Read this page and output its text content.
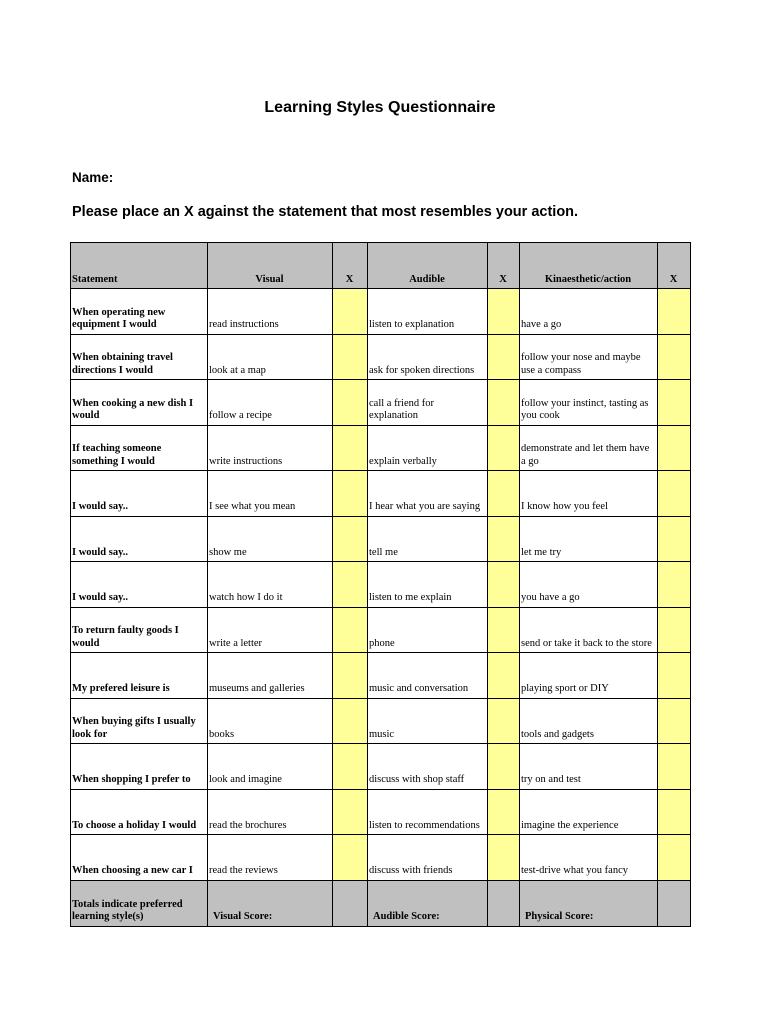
Learning Styles Questionnaire
Name:
Please place an X against the statement that most resembles your action.
Statement	Visual	X	Audible	X	Kinaesthetic/action	X
When operating new equipment I would	read instructions		listen to explanation		have a go	
When obtaining travel directions I would	look at a map		ask for spoken directions		follow your nose and maybe use a compass	
When cooking a new dish I would	follow a recipe		call a friend for explanation		follow your instinct, tasting as you cook	
If teaching someone something I would	write instructions		explain verbally		demonstrate and let them have a go	
I would say..	I see what you mean		I hear what you are saying		I know how you feel	
I would say..	show me		tell me		let me try	
I would say..	watch how I do it		listen to me explain		you have a go	
To return faulty goods I would	write a letter		phone		send or take it back to the store	
My prefered leisure is	museums and galleries		music and conversation		playing sport or DIY	
When buying gifts I usually look for	books		music		tools and gadgets	
When shopping I prefer to	look and imagine		discuss with shop staff		try on and test	
To choose a holiday I would	read the brochures		listen to recommendations		imagine the experience	
When choosing a new car I	read the reviews		discuss with friends		test-drive what you fancy	
Totals indicate preferred learning style(s)	Visual Score:		Audible Score:		Physical Score:	
